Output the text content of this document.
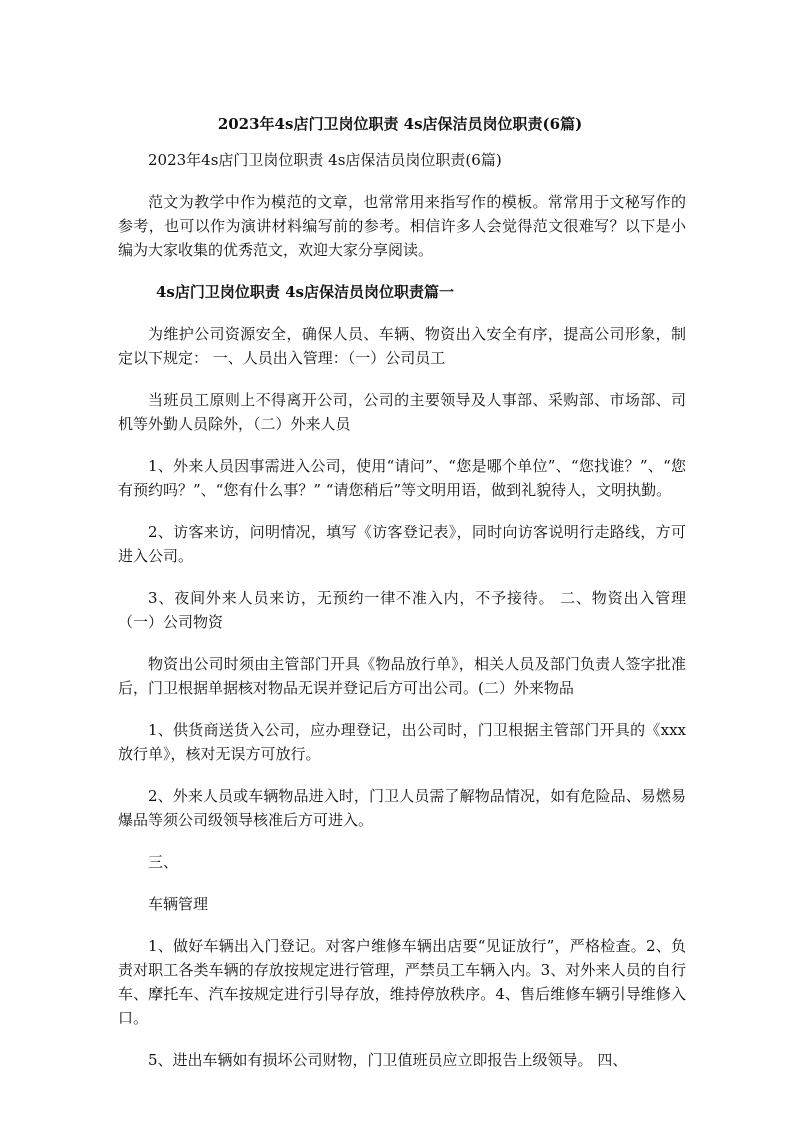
2023年4s店门卫岗位职责 4s店保洁员岗位职责(6篇)

2023年4s店门卫岗位职责 4s店保洁员岗位职责(6篇)

范文为教学中作为模范的文章，也常常用来指写作的模板。常常用于文秘写作的参考，也可以作为演讲材料编写前的参考。相信许多人会觉得范文很难写？以下是小编为大家收集的优秀范文，欢迎大家分享阅读。

4s店门卫岗位职责 4s店保洁员岗位职责篇一

为维护公司资源安全，确保人员、车辆、物资出入安全有序，提高公司形象，制定以下规定： 一、人员出入管理：（一）公司员工

当班员工原则上不得离开公司，公司的主要领导及人事部、采购部、市场部、司机等外勤人员除外，（二）外来人员

1、外来人员因事需进入公司，使用“请问”、“您是哪个单位”、“您找谁？”、“您有预约吗？”、“您有什么事？” “请您稍后”等文明用语，做到礼貌待人，文明执勤。

2、访客来访，问明情况，填写《访客登记表》，同时向访客说明行走路线，方可进入公司。

3、夜间外来人员来访，无预约一律不准入内，不予接待。 二、物资出入管理（一）公司物资

物资出公司时须由主管部门开具《物品放行单》，相关人员及部门负责人签字批准后，门卫根据单据核对物品无误并登记后方可出公司。(二）外来物品

1、供货商送货入公司，应办理登记，出公司时，门卫根据主管部门开具的《xxx放行单》，核对无误方可放行。

2、外来人员或车辆物品进入时，门卫人员需了解物品情况，如有危险品、易燃易爆品等须公司级领导核准后方可进入。

三、

车辆管理

1、做好车辆出入门登记。对客户维修车辆出店要“见证放行”，严格检查。2、负责对职工各类车辆的存放按规定进行管理，严禁员工车辆入内。3、对外来人员的自行车、摩托车、汽车按规定进行引导存放，维持停放秩序。4、售后维修车辆引导维修入口。

5、进出车辆如有损坏公司财物，门卫值班员应立即报告上级领导。 四、
